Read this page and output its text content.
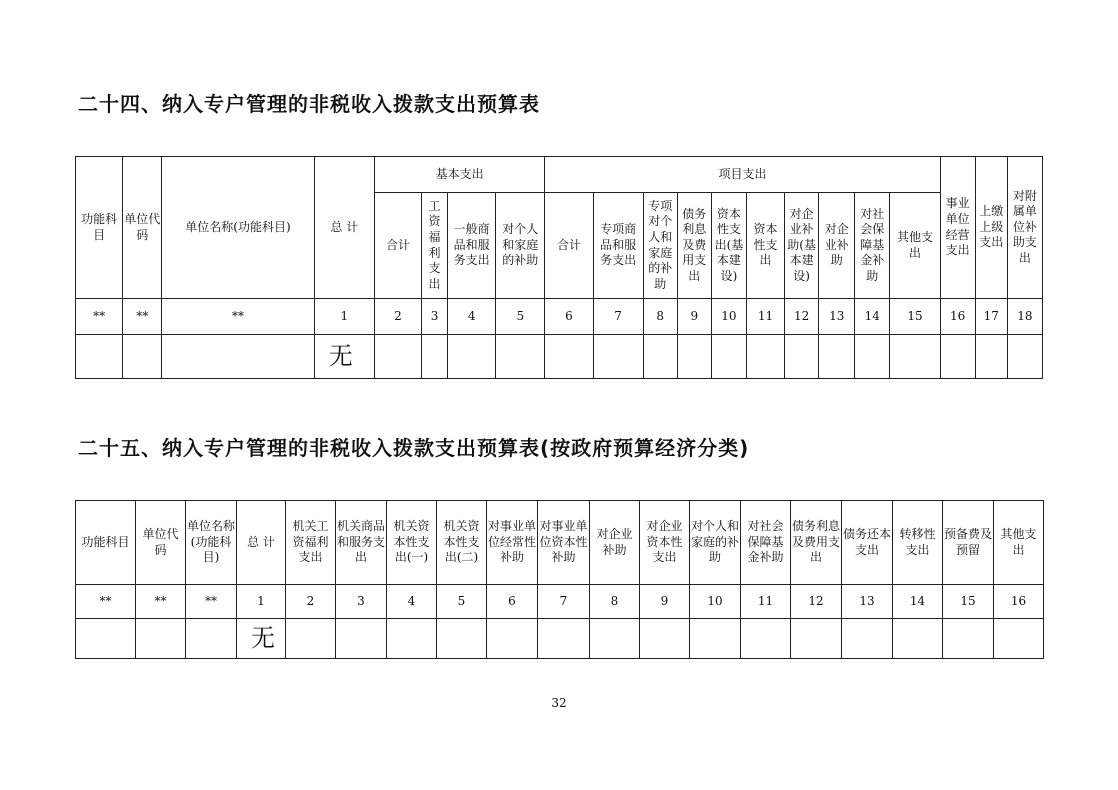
二十四、纳入专户管理的非税收入拨款支出预算表
功能科目	单位代码	单位名称(功能科目)	总 计	基本支出				项目支出										事业单位经营支出	上缴上级支出	对附属单位补助支出
				合计	工资福利支出	一般商品和服务支出	对个人和家庭的补助	合计	专项商品和服务支出	专项对个人和家庭的补助	债务利息及费用支出	资本性支出(基本建设)	资本性支出	对企业补助(基本建设)	对企业补助	对社会保障基金补助	其他支出			
**	**	**	1	2	3	4	5	6	7	8	9	10	11	12	13	14	15	16	17	18
			无																	
二十五、纳入专户管理的非税收入拨款支出预算表(按政府预算经济分类)
功能科目	单位代码	单位名称(功能科目)	总 计	机关工资福利支出	机关商品和服务支出	机关资本性支出(一)	机关资本性支出(二)	对事业单位经常性补助	对事业单位资本性补助	对企业补助	对企业资本性支出	对个人和家庭的补助	对社会保障基金补助	债务利息及费用支出	债务还本支出	转移性支出	预备费及预留	其他支出
**	**	**	1	2	3	4	5	6	7	8	9	10	11	12	13	14	15	16
			无															
32
